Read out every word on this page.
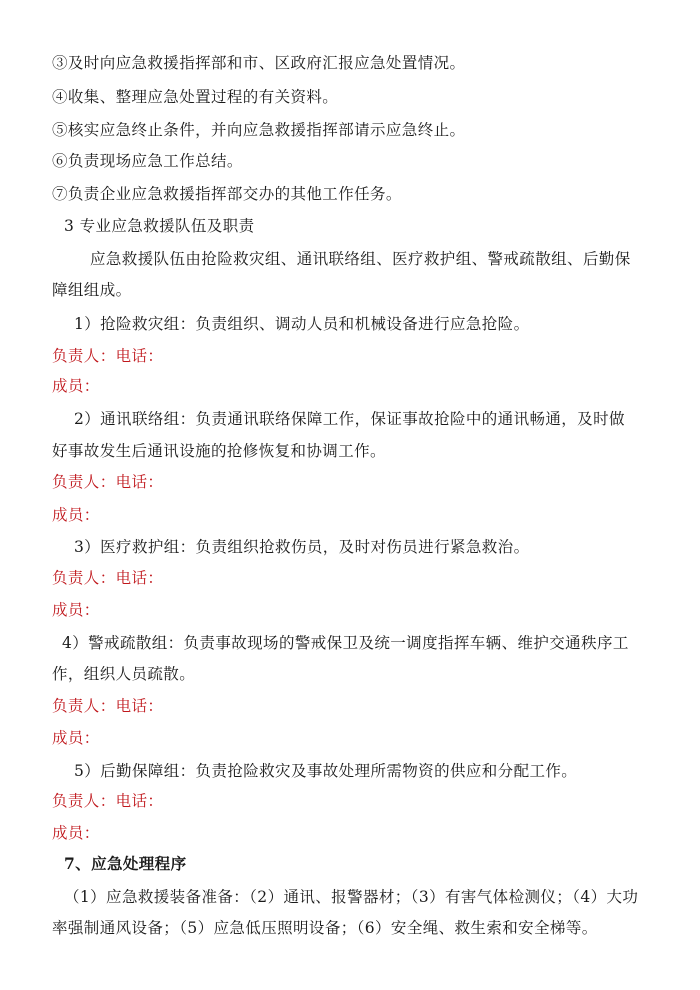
③及时向应急救援指挥部和市、区政府汇报应急处置情况。
④收集、整理应急处置过程的有关资料。
⑤核实应急终止条件，并向应急救援指挥部请示应急终止。
⑥负责现场应急工作总结。
⑦负责企业应急救援指挥部交办的其他工作任务。
3 专业应急救援队伍及职责
应急救援队伍由抢险救灾组、通讯联络组、医疗救护组、警戒疏散组、后勤保
障组组成。
1）抢险救灾组：负责组织、调动人员和机械设备进行应急抢险。
负责人：电话：
成员：
2）通讯联络组：负责通讯联络保障工作，保证事故抢险中的通讯畅通，及时做
好事故发生后通讯设施的抢修恢复和协调工作。
负责人：电话：
成员：
3）医疗救护组：负责组织抢救伤员，及时对伤员进行紧急救治。
负责人：电话：
成员：
4）警戒疏散组：负责事故现场的警戒保卫及统一调度指挥车辆、维护交通秩序工
作，组织人员疏散。
负责人：电话：
成员：
5）后勤保障组：负责抢险救灾及事故处理所需物资的供应和分配工作。
负责人：电话：
成员：
7、应急处理程序
（1）应急救援装备准备：（2）通讯、报警器材；（3）有害气体检测仪；（4）大功
率强制通风设备；（5）应急低压照明设备；（6）安全绳、救生索和安全梯等。
